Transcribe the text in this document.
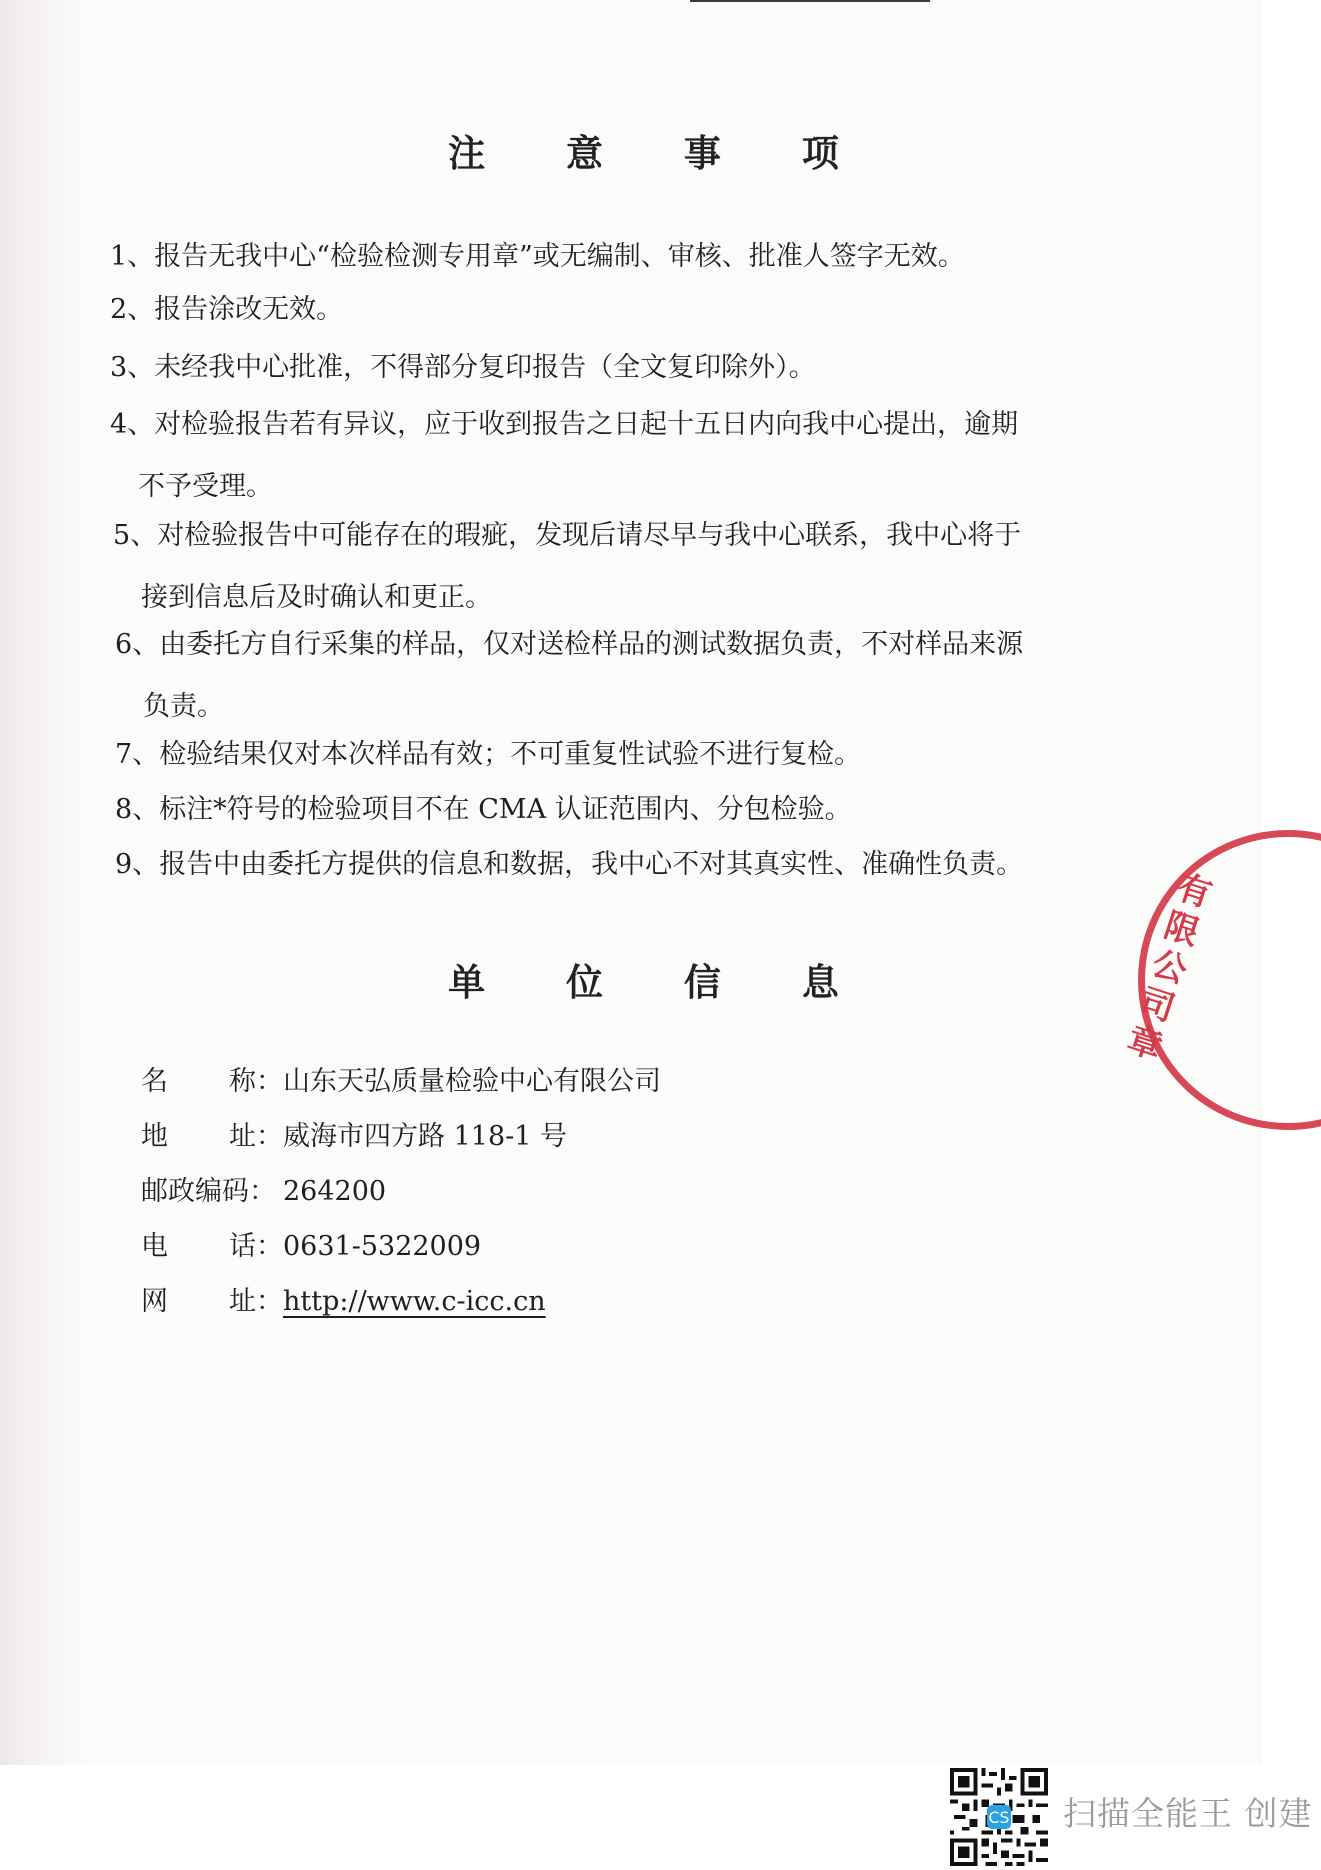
注 意 事 项
1、报告无我中心“检验检测专用章”或无编制、审核、批准人签字无效。
2、报告涂改无效。
3、未经我中心批准，不得部分复印报告（全文复印除外）。
4、对检验报告若有异议，应于收到报告之日起十五日内向我中心提出，逾期
不予受理。
5、对检验报告中可能存在的瑕疵，发现后请尽早与我中心联系，我中心将于
接到信息后及时确认和更正。
6、由委托方自行采集的样品，仅对送检样品的测试数据负责，不对样品来源
负责。
7、检验结果仅对本次样品有效；不可重复性试验不进行复检。
8、标注*符号的检验项目不在 CMA 认证范围内、分包检验。
9、报告中由委托方提供的信息和数据，我中心不对其真实性、准确性负责。
有限公司章
单 位 信 息
名 称：山东天弘质量检验中心有限公司
地 址：威海市四方路 118-1 号
邮政编码： 264200
电 话：0631-5322009
网 址：http://www.c-icc.cn
CS 扫描全能王 创建
